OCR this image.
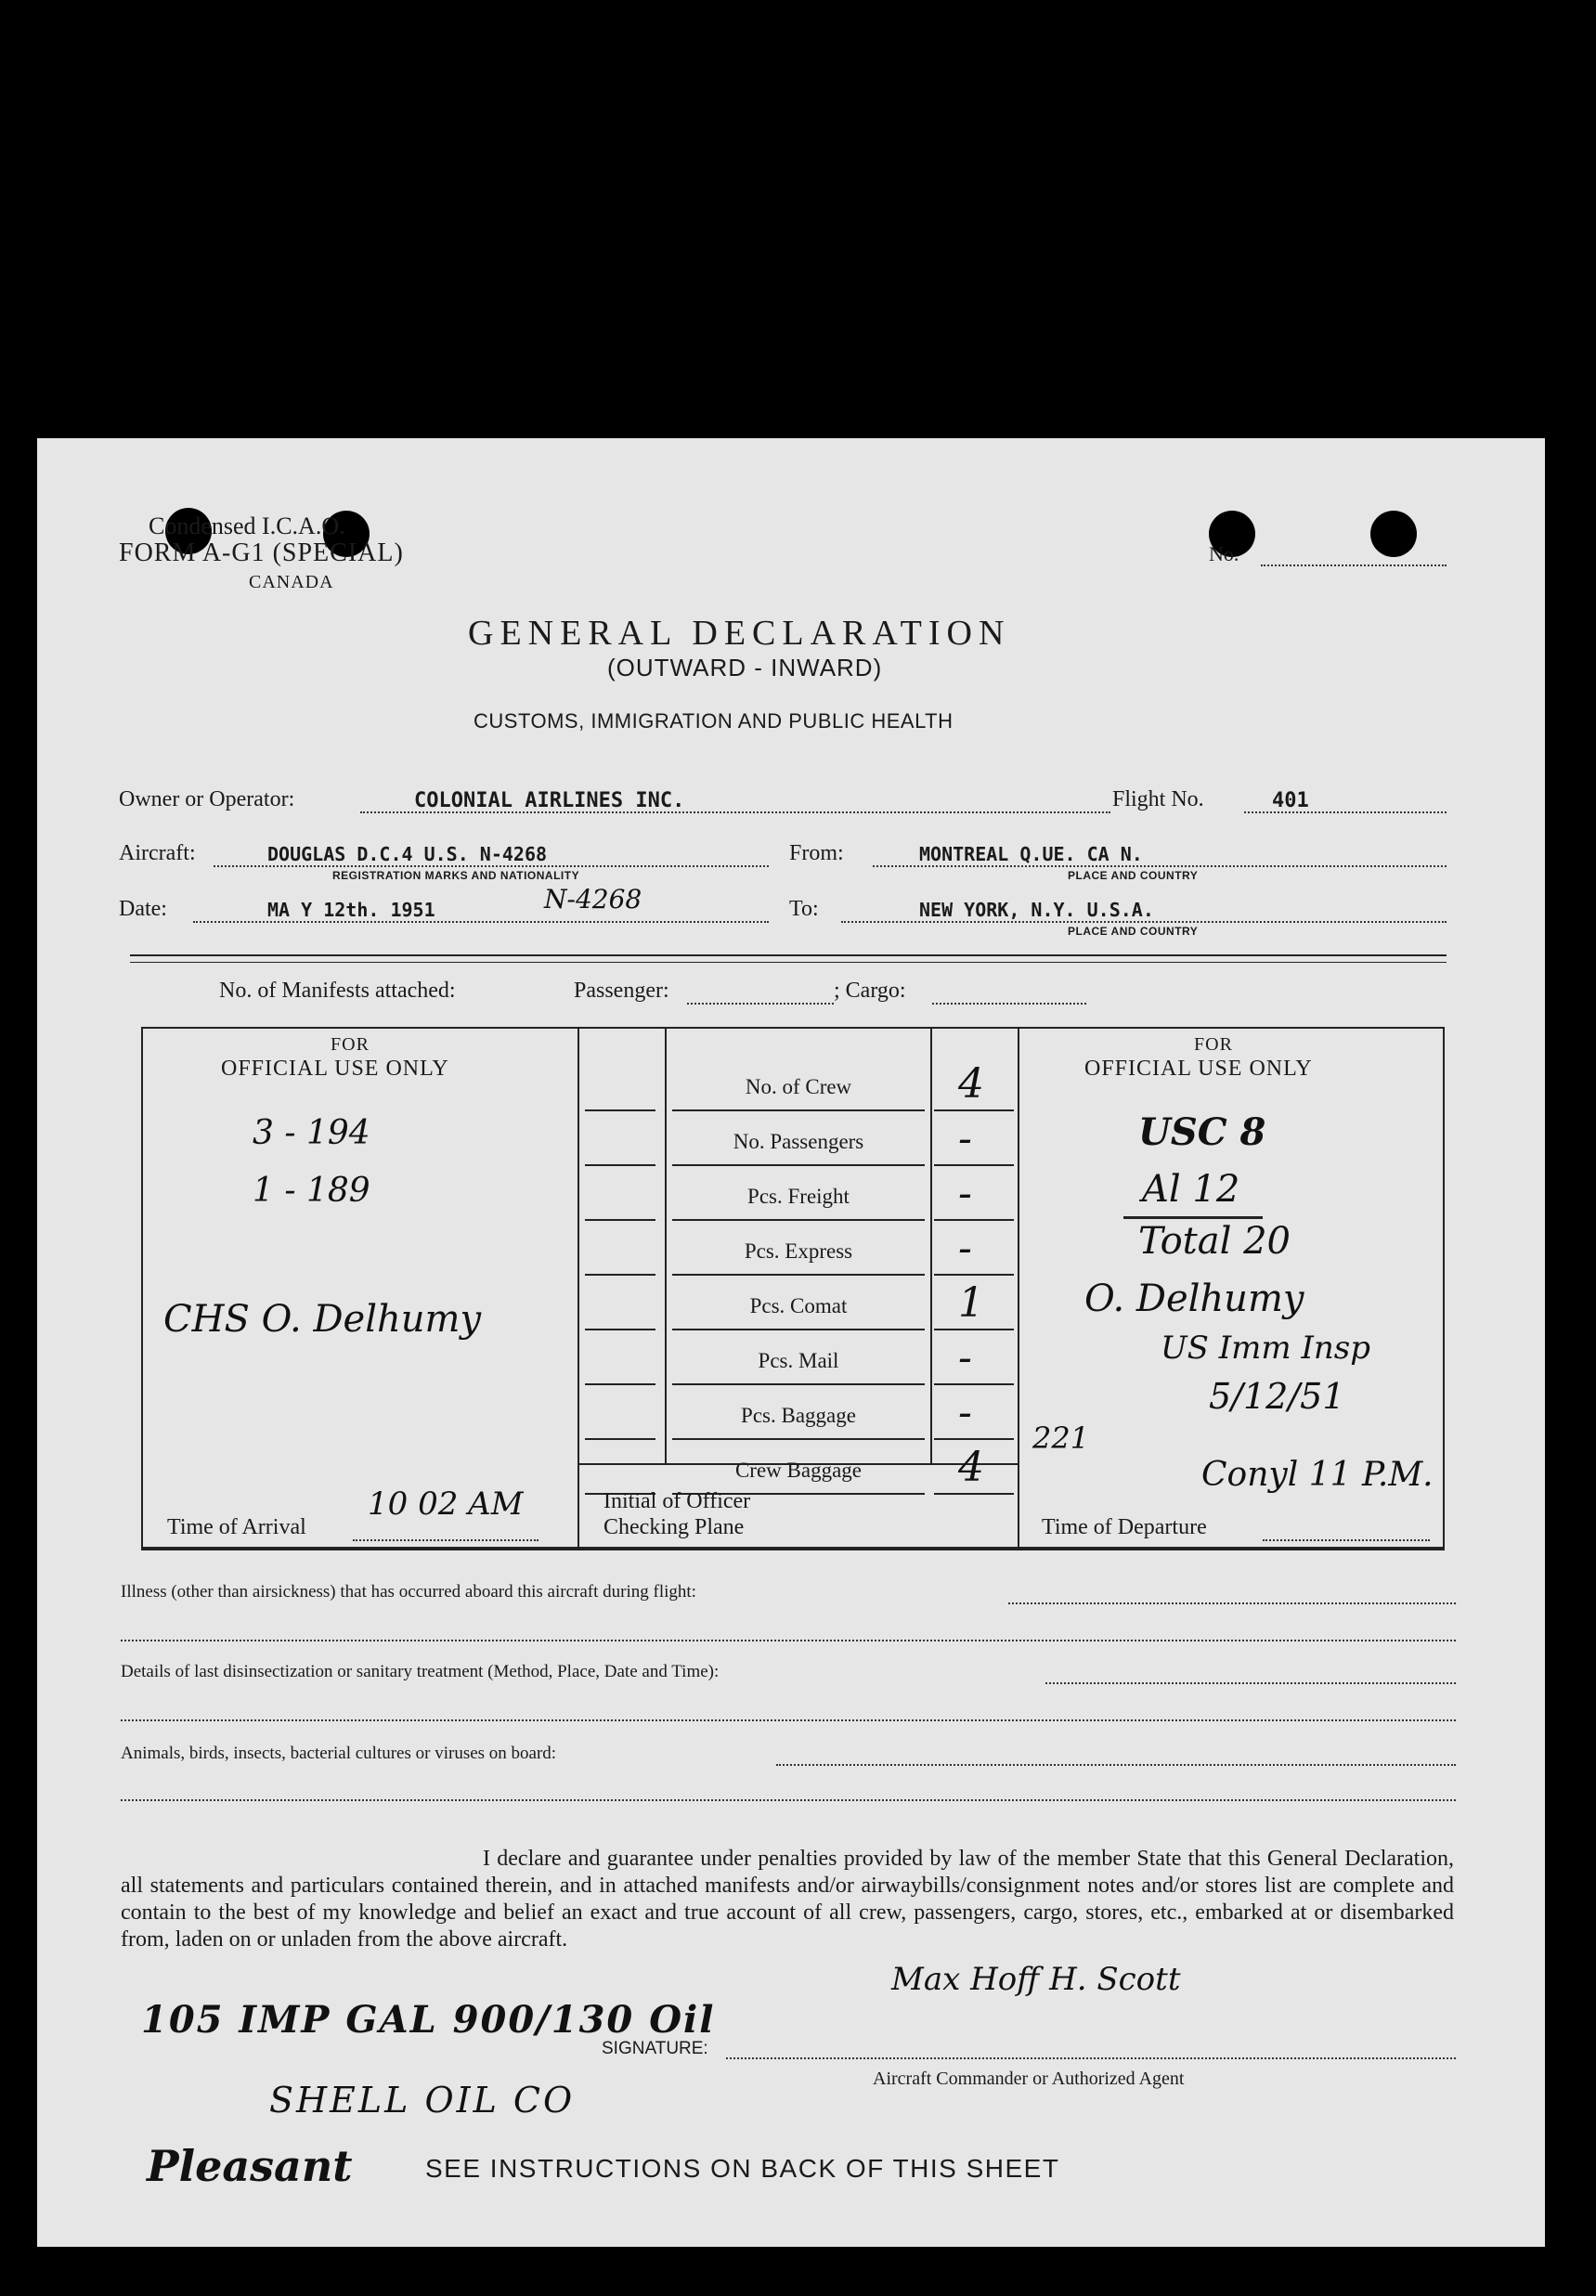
Condensed I.C.A.O.
FORM A-G1 (SPECIAL)
CANADA
No.
GENERAL DECLARATION
(OUTWARD - INWARD)
CUSTOMS, IMMIGRATION AND PUBLIC HEALTH
Owner or Operator:	COLONIAL AIRLINES INC.	Flight No.	401
Aircraft:	DOUGLAS D.C.4 U.S. N-4268
REGISTRATION MARKS AND NATIONALITY
From:	MONTREAL Q.UE. CA N.
PLACE AND COUNTRY
Date:	MA Y 12th. 1951	N-4268	To:	NEW YORK, N.Y. U.S.A.
PLACE AND COUNTRY
No. of Manifests attached:	Passenger:	; Cargo:
FOR
OFFICIAL USE ONLY
3 - 194
1 - 189
CHS O. Delhumy
No. of Crew	4
No. Passengers	-
Pcs. Freight	-
Pcs. Express	-
Pcs. Comat	1
Pcs. Mail	-
Pcs. Baggage	-
Crew Baggage	4
FOR
OFFICIAL USE ONLY
USC 8
Al 12
Total 20
O. Delhumy
US Imm Insp
5/12/51
221
Conyl 11 P.M.
Time of Arrival
10 02 AM	Initial of Officer
Checking Plane	Time of Departure
Illness (other than airsickness) that has occurred aboard this aircraft during flight:
Details of last disinsectization or sanitary treatment (Method, Place, Date and Time):
Animals, birds, insects, bacterial cultures or viruses on board:
I declare and guarantee under penalties provided by law of the member State that this General Declaration, all statements and particulars contained therein, and in attached manifests and/or airwaybills/consignment notes and/or stores list are complete and contain to the best of my knowledge and belief an exact and true account of all crew, passengers, cargo, stores, etc., embarked at or disembarked from, laden on or unladen from the above aircraft.
Max Hoff H. Scott
SIGNATURE:
Aircraft Commander or Authorized Agent
105 IMP GAL 900/130 Oil
SHELL OIL CO
Pleasant	SEE INSTRUCTIONS ON BACK OF THIS SHEET
